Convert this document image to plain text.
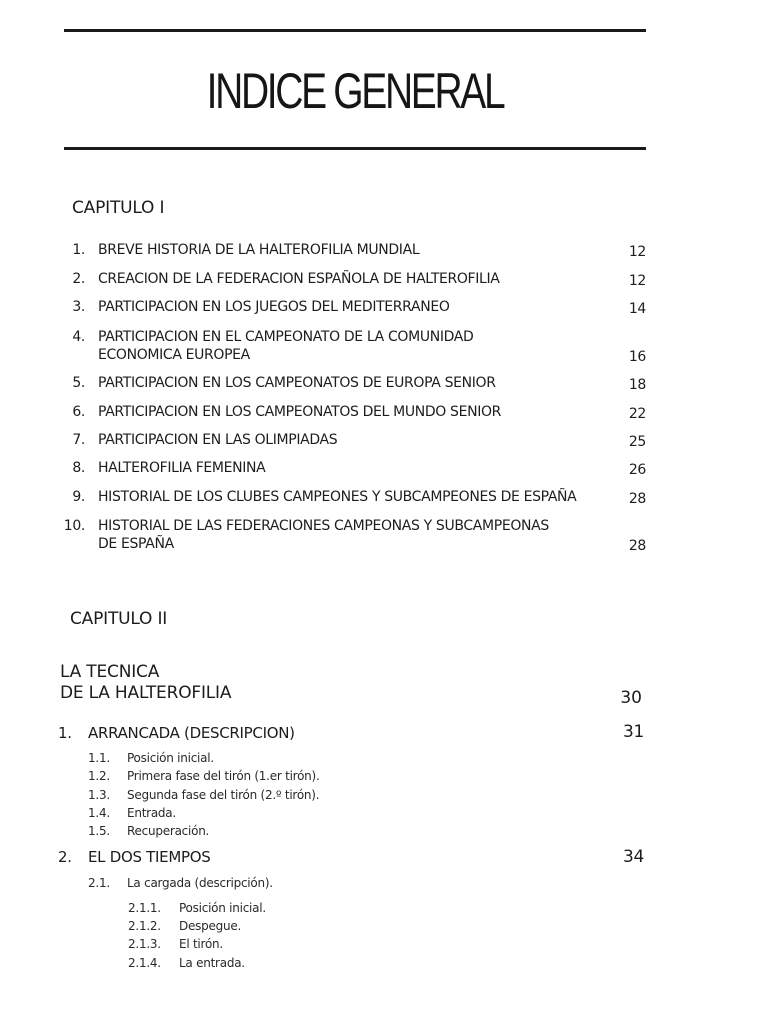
INDICE GENERAL
CAPITULO I
1. BREVE HISTORIA DE LA HALTEROFILIA MUNDIAL	12
2. CREACION DE LA FEDERACION ESPAÑOLA DE HALTEROFILIA	12
3. PARTICIPACION EN LOS JUEGOS DEL MEDITERRANEO	14
4. PARTICIPACION EN EL CAMPEONATO DE LA COMUNIDAD
ECONOMICA EUROPEA	16
5. PARTICIPACION EN LOS CAMPEONATOS DE EUROPA SENIOR	18
6. PARTICIPACION EN LOS CAMPEONATOS DEL MUNDO SENIOR	22
7. PARTICIPACION EN LAS OLIMPIADAS	25
8. HALTEROFILIA FEMENINA	26
9. HISTORIAL DE LOS CLUBES CAMPEONES Y SUBCAMPEONES DE ESPAÑA	28
10. HISTORIAL DE LAS FEDERACIONES CAMPEONAS Y SUBCAMPEONAS
DE ESPAÑA	28
CAPITULO II
LA TECNICA
DE LA HALTEROFILIA	30
1. ARRANCADA (DESCRIPCION)	31
1.1. Posición inicial.
1.2. Primera fase del tirón (1.er tirón).
1.3. Segunda fase del tirón (2.º tirón).
1.4. Entrada.
1.5. Recuperación.
2. EL DOS TIEMPOS	34
2.1. La cargada (descripción).
2.1.1. Posición inicial.
2.1.2. Despegue.
2.1.3. El tirón.
2.1.4. La entrada.
